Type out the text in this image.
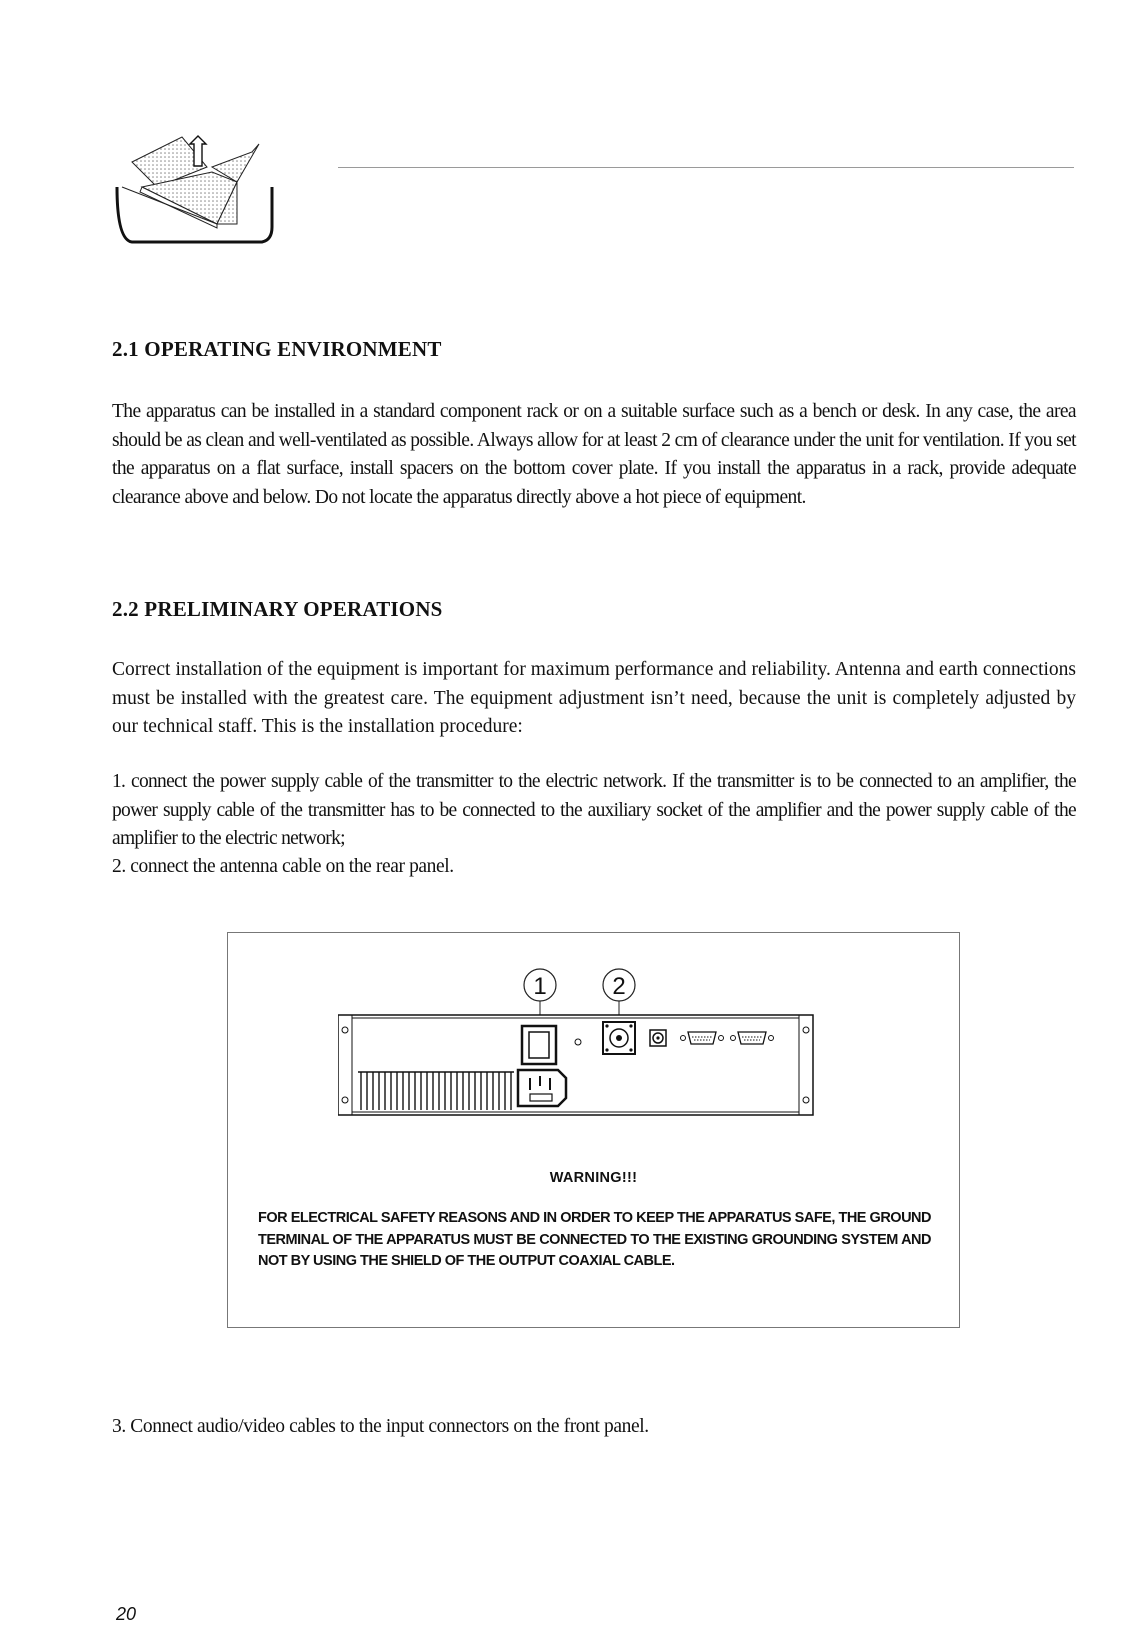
2.1 OPERATING ENVIRONMENT

The apparatus can be installed in a standard component rack or on a suitable surface such as a bench or desk. In any case, the area should be as clean and well-ventilated as possible. Always allow for at least 2 cm of clearance under the unit for ventilation. If you set the apparatus on a flat surface, install spacers on the bottom cover plate. If you install the apparatus in a rack, provide adequate clearance above and below. Do not locate the apparatus directly above a hot piece of equipment.

2.2 PRELIMINARY OPERATIONS

Correct installation of the equipment is important for maximum performance and reliability. Antenna and earth connections must be installed with the greatest care. The equipment adjustment isn’t need, because the unit is completely adjusted by our technical staff. This is the installation procedure:

1. connect the power supply cable of the transmitter to the electric network. If the transmitter is to be connected to an amplifier, the power supply cable of the transmitter has to be connected to the auxiliary socket of the amplifier and the power supply cable of the amplifier to the electric network;

2. connect the antenna cable on the rear panel.

1	2
WARNING!!!
FOR ELECTRICAL SAFETY REASONS AND IN ORDER TO KEEP THE APPARATUS SAFE, THE GROUND TERMINAL OF THE APPARATUS MUST BE CONNECTED TO THE EXISTING GROUNDING SYSTEM AND NOT BY USING THE SHIELD OF THE OUTPUT COAXIAL CABLE.

3. Connect audio/video cables to the input connectors on the front panel.

20
